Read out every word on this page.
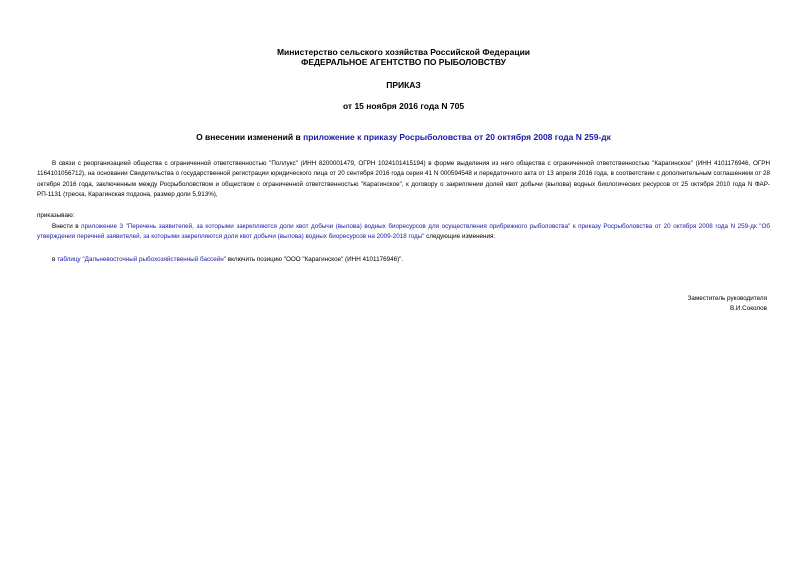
Министерство сельского хозяйства Российской Федерации
ФЕДЕРАЛЬНОЕ АГЕНТСТВО ПО РЫБОЛОВСТВУ
ПРИКАЗ
от 15 ноября 2016 года N 705
О внесении изменений в приложение к приказу Росрыболовства от 20 октября 2008 года N 259-дк
В связи с реорганизацией общества с ограниченной ответственностью "Поллукс" (ИНН 8200001479, ОГРН 1024101415194) в форме выделения из него общества с ограниченной ответственностью "Карагинское" (ИНН 4101176946, ОГРН 1164101056712), на основании Свидетельства о государственной регистрации юридического лица от 20 сентября 2016 года серия 41 N 000594548 и передаточного акта от 13 апреля 2016 года, в соответствии с дополнительным соглашением от 28 октября 2016 года, заключенным между Росрыболовством и обществом с ограниченной ответственностью "Карагинское", к договору о закреплении долей квот добычи (вылова) водных биологических ресурсов от 25 октября 2010 года N ФАР-РП-1131 (треска, Карагинская подзона, размер доли 5,913%),
приказываю:
Внести в приложение 3 "Перечень заявителей, за которыми закрепляются доли квот добычи (вылова) водных биоресурсов для осуществления прибрежного рыболовства" к приказу Росрыболовства от 20 октября 2008 года N 259-дк "Об утверждении перечней заявителей, за которыми закрепляются доли квот добычи (вылова) водных биоресурсов на 2009-2018 годы" следующие изменения:
в таблицу "Дальневосточный рыбохозяйственный бассейн" включить позицию "ООО "Карагинское" (ИНН 4101176946)".
Заместитель руководителя
В.И.Соколов
